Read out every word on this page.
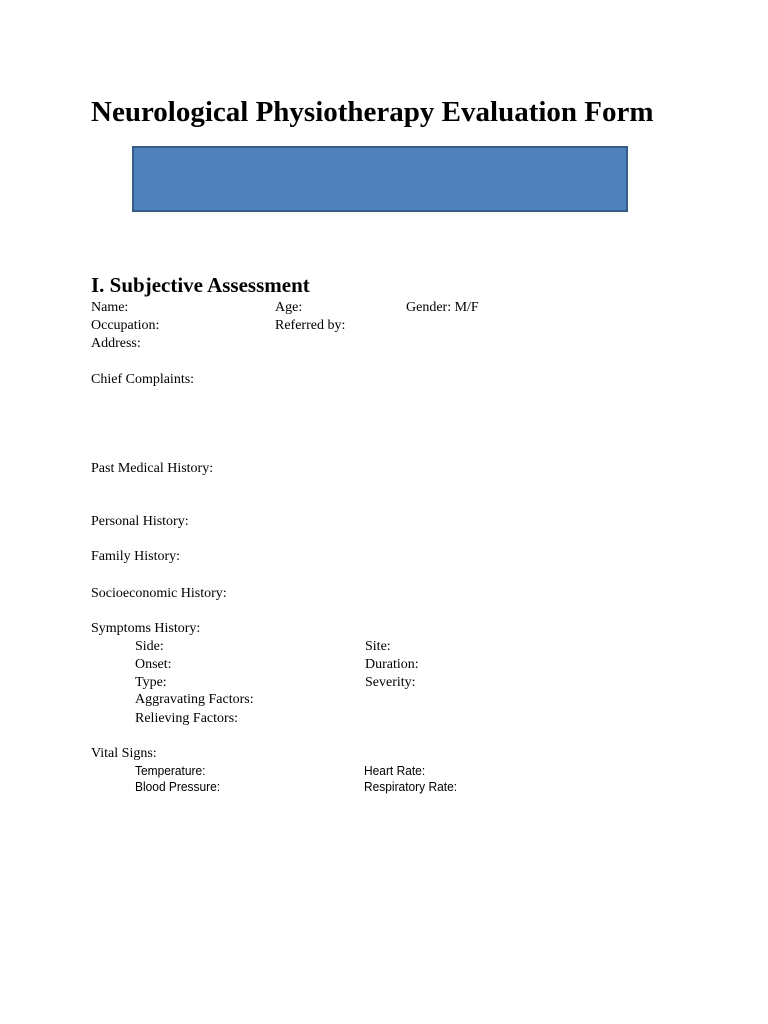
Neurological Physiotherapy Evaluation Form
I. Subjective Assessment
Name:	Age:	Gender: M/F
Occupation:	Referred by:
Address:
Chief Complaints:
Past Medical History:
Personal History:
Family History:
Socioeconomic History:
Symptoms History:
Side:	Site:
Onset:	Duration:
Type:	Severity:
Aggravating Factors:
Relieving Factors:
Vital Signs:
Temperature:	Heart Rate:
Blood Pressure:	Respiratory Rate:
